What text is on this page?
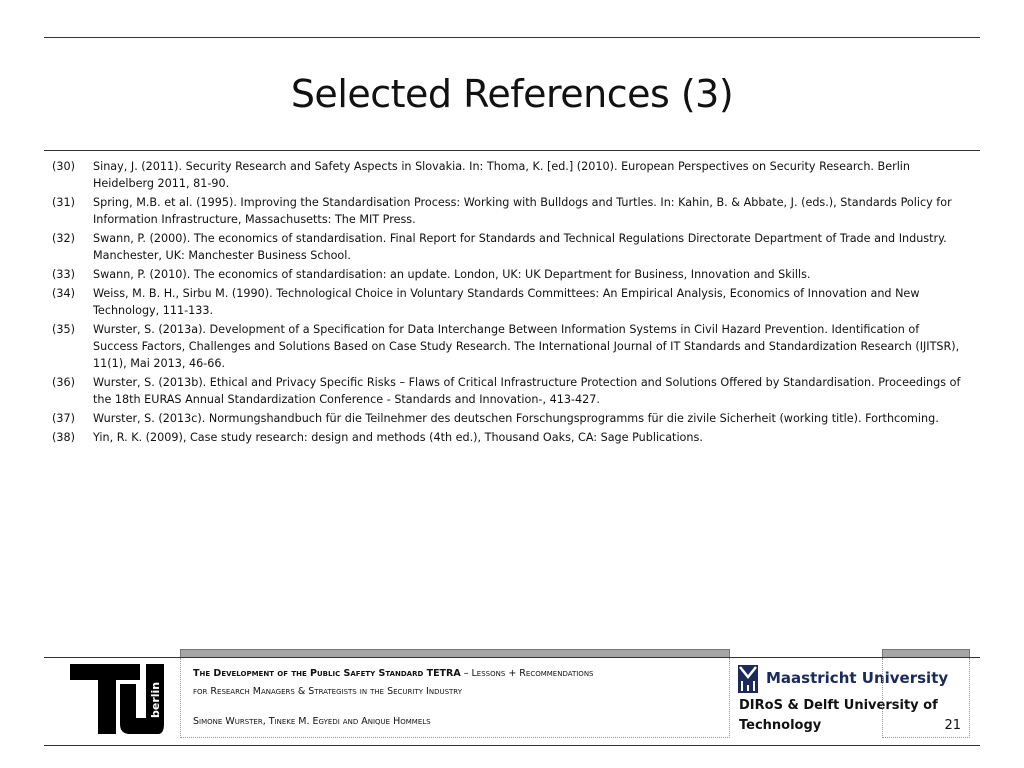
Selected References (3)
(30)	Sinay, J. (2011). Security Research and Safety Aspects in Slovakia. In: Thoma, K. [ed.] (2010). European Perspectives on Security Research. Berlin Heidelberg 2011, 81-90.
(31)	Spring, M.B. et al. (1995). Improving the Standardisation Process: Working with Bulldogs and Turtles. In: Kahin, B. & Abbate, J. (eds.), Standards Policy for Information Infrastructure, Massachusetts: The MIT Press.
(32)	Swann, P. (2000). The economics of standardisation. Final Report for Standards and Technical Regulations Directorate Department of Trade and Industry. Manchester, UK: Manchester Business School.
(33)	Swann, P. (2010). The economics of standardisation: an update. London, UK: UK Department for Business, Innovation and Skills.
(34)	Weiss, M. B. H., Sirbu M. (1990). Technological Choice in Voluntary Standards Committees: An Empirical Analysis, Economics of Innovation and New Technology, 111-133.
(35)	Wurster, S. (2013a). Development of a Specification for Data Interchange Between Information Systems in Civil Hazard Prevention. Identification of Success Factors, Challenges and Solutions Based on Case Study Research. The International Journal of IT Standards and Standardization Research (IJITSR), 11(1), Mai 2013, 46-66.
(36)	Wurster, S. (2013b). Ethical and Privacy Specific Risks – Flaws of Critical Infrastructure Protection and Solutions Offered by Standardisation. Proceedings of the 18th EURAS Annual Standardization Conference - Standards and Innovation-, 413-427.
(37)	Wurster, S. (2013c). Normungshandbuch für die Teilnehmer des deutschen Forschungsprogramms für die zivile Sicherheit (working title). Forthcoming.
(38)	Yin, R. K. (2009), Case study research: design and methods (4th ed.), Thousand Oaks, CA: Sage Publications.
berlin
The Development of the Public Safety Standard TETRA – Lessons + Recommendations
for Research Managers & Strategists in the Security Industry
Simone Wurster, Tineke M. Egyedi and Anique Hommels
Maastricht University
DIRoS & Delft University of Technology	21
